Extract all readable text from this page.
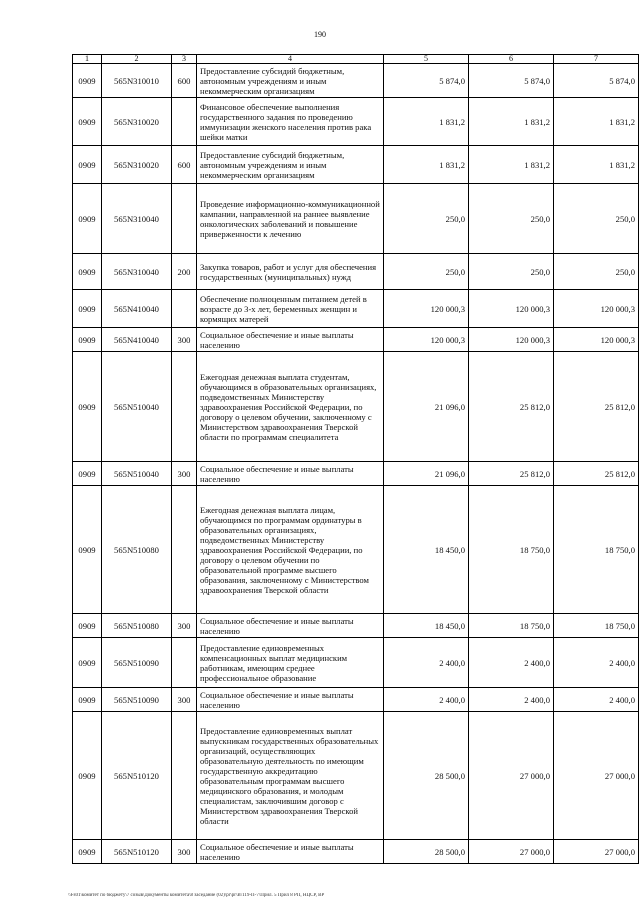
190
1	2	3	4	5	6	7
0909	565N310010	600	Предоставление субсидий бюджетным, автономным учреждениям и иным некоммерческим организациям	5 874,0	5 874,0	5 874,0
0909	565N310020		Финансовое обеспечение выполнения государственного задания по проведению иммунизации женского населения против рака шейки матки	1 831,2	1 831,2	1 831,2
0909	565N310020	600	Предоставление субсидий бюджетным, автономным учреждениям и иным некоммерческим организациям	1 831,2	1 831,2	1 831,2
0909	565N310040		Проведение информационно-коммуникационной кампании, направленной на раннее выявление онкологических заболеваний и повышение приверженности к лечению	250,0	250,0	250,0
0909	565N310040	200	Закупка товаров, работ и услуг для обеспечения государственных (муниципальных) нужд	250,0	250,0	250,0
0909	565N410040		Обеспечение полноценным питанием детей в возрасте до 3-х лет, беременных женщин и кормящих матерей	120 000,3	120 000,3	120 000,3
0909	565N410040	300	Социальное обеспечение и иные выплаты населению	120 000,3	120 000,3	120 000,3
0909	565N510040		Ежегодная денежная выплата студентам, обучающимся в образовательных организациях, подведомственных Министерству здравоохранения Российской Федерации, по договору о целевом обучении, заключенному с Министерством здравоохранения Тверской области по программам специалитета	21 096,0	25 812,0	25 812,0
0909	565N510040	300	Социальное обеспечение и иные выплаты населению	21 096,0	25 812,0	25 812,0
0909	565N510080		Ежегодная денежная выплата лицам, обучающимся по программам ординатуры в образовательных организациях, подведомственных Министерству здравоохранения Российской Федерации, по договору о целевом обучении по образовательной программе высшего образования, заключенному с Министерством здравоохранения Тверской области	18 450,0	18 750,0	18 750,0
0909	565N510080	300	Социальное обеспечение и иные выплаты населению	18 450,0	18 750,0	18 750,0
0909	565N510090		Предоставление единовременных компенсационных выплат медицинским работникам, имеющим среднее профессиональное образование	2 400,0	2 400,0	2 400,0
0909	565N510090	300	Социальное обеспечение и иные выплаты населению	2 400,0	2 400,0	2 400,0
0909	565N510120		Предоставление единовременных выплат выпускникам государственных образовательных организаций, осуществляющих образовательную деятельность по имеющим государственную аккредитацию образовательным программам высшего медицинского образования, и молодым специалистам, заключившим договор с Министерством здравоохранения Тверской области	28 500,0	27 000,0	27 000,0
0909	565N510120	300	Социальное обеспечение и иные выплаты населению	28 500,0	27 000,0	27 000,0
\\Fs01\комитет по бюджету\7 созыв\Документы комитета\8 заседание (02)\pr\pr\B\119-П-7\Прил. 5 Прил 8 РП, НЦСР, ВР
